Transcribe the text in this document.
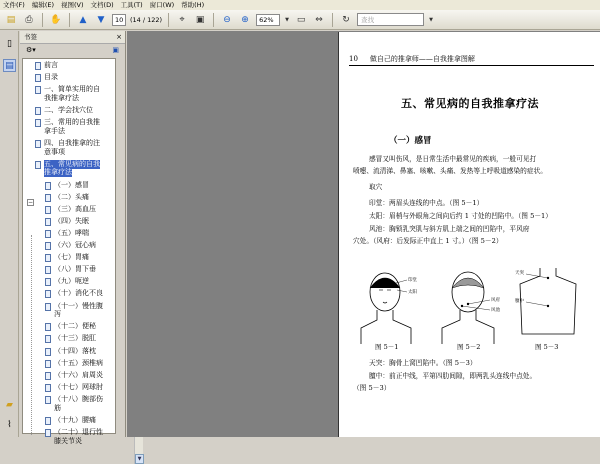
文件(F) 编辑(E) 视图(V) 文档(D) 工具(T) 窗口(W) 帮助(H)
▤	⎙	✋	▲	▼	10	(14 / 122)	⌖	▣	⊖	⊕	62%	▼ ▭	⇔	↻	查找	▼
▯
▤
▰
⌇
书签	×
⚙▾	▣
−
前言
目录
一、简单实用的自
我推拿疗法
二、学会找穴位
三、常用的自我推
拿手法
四、自我推拿的注
意事项
五、常见病的自我
推拿疗法
（一）感冒
（二）头痛
（三）高血压
（四）失眠
（五）哮喘
（六）冠心病
（七）胃痛
（八）胃下垂
（九）呃逆
（十）消化不良
（十一）慢性腹
泻
（十二）便秘
（十三）脱肛
（十四）落枕
（十五）颈椎病
（十六）肩周炎
（十七）网球肘
（十八）腕部伤
筋
（十九）腰痛
（二十）退行性
膝关节炎
▼
10 做自己的推拿师——自我推拿图解
五、常见病的自我推拿疗法
（一）感冒
感冒又叫伤风，是日常生活中最常见的疾病，一般可见打
喷嚏、流清涕、鼻塞、咳嗽、头痛、发热等上呼吸道感染的症状。
取穴
印堂：两眉头连线的中点。（图 5－1）
太阳：眉梢与外眼角之间向后约 1 寸处的凹陷中。（图 5－1）
风池：胸锁乳突肌与斜方肌上端之间的凹陷中，平风府
穴处。（风府：后发际正中直上 1 寸。）（图 5－2）
印堂
太阳
图 5－1
风府
风池
图 5－2
天突
膻中
图 5－3
天突：胸骨上窝凹陷中。（图 5－3）
膻中：前正中线，平第四肋间隙，即两乳头连线中点处。
（图 5－3）
